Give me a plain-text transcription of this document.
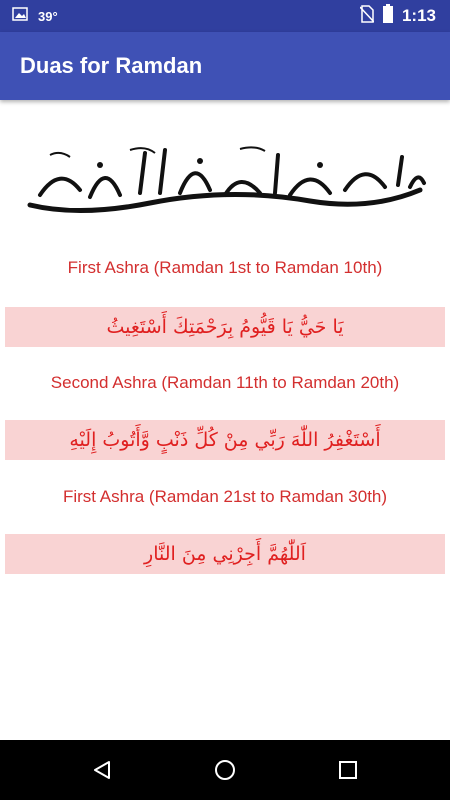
39°	1:13
Duas for Ramdan
First Ashra (Ramdan 1st to Ramdan 10th)
يَا حَيُّ يَا قَيُّومُ بِرَحْمَتِكَ أَسْتَغِيثُ
Second Ashra (Ramdan 11th to Ramdan 20th)
أَسْتَغْفِرُ اللّٰهَ رَبِّي مِنْ كُلِّ ذَنْبٍ وَّأَتُوبُ إِلَيْهِ
First Ashra (Ramdan 21st to Ramdan 30th)
اَللّٰهُمَّ أَجِرْنِي مِنَ النَّارِ
